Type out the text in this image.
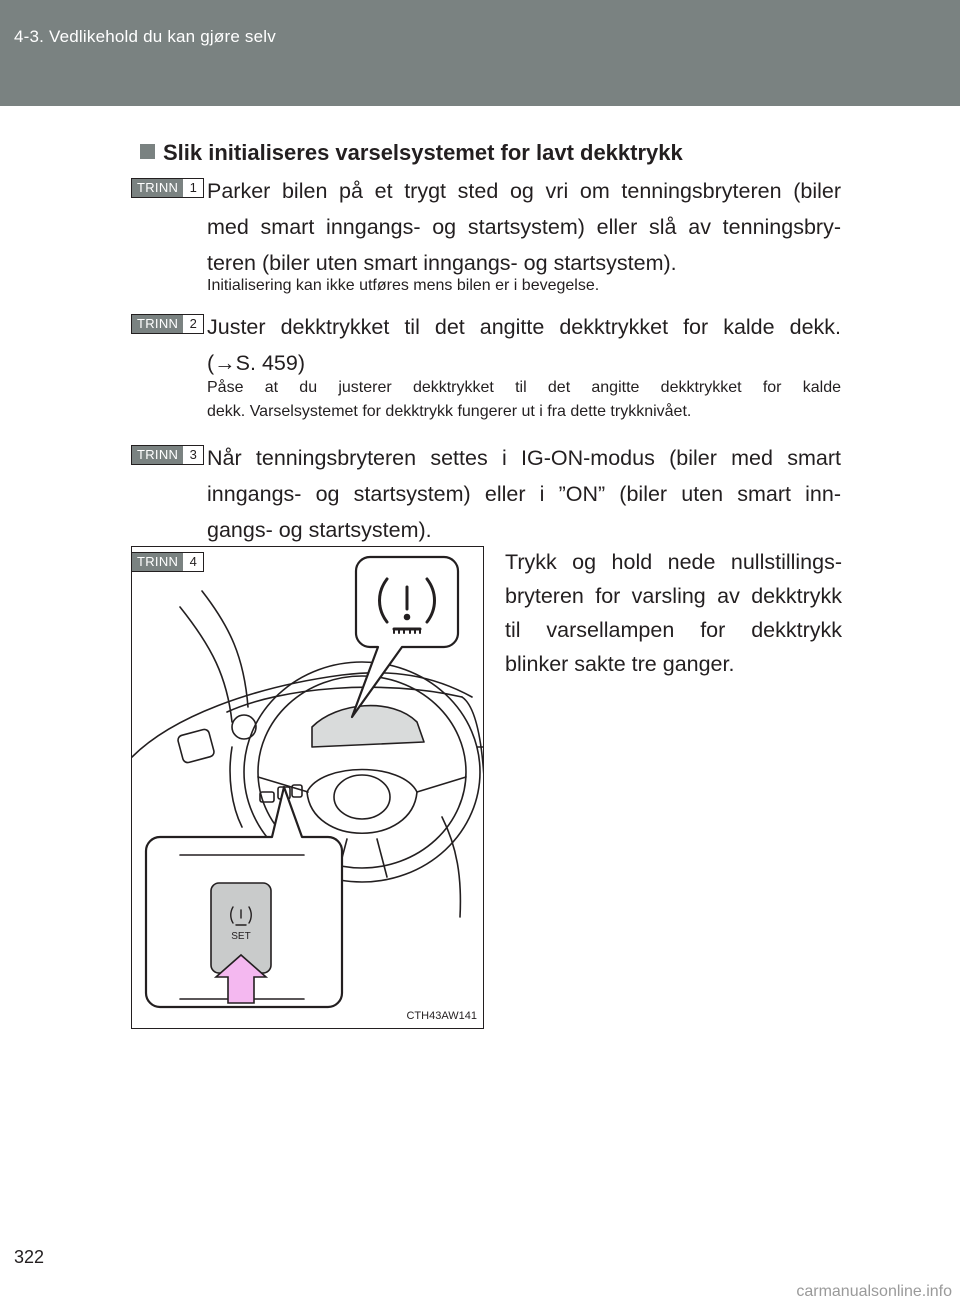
4-3. Vedlikehold du kan gjøre selv
Slik initialiseres varselsystemet for lavt dekktrykk
TRINN 1 Parker bilen på et trygt sted og vri om tenningsbryteren (biler
med smart inngangs- og startsystem) eller slå av tenningsbry-
teren (biler uten smart inngangs- og startsystem).
Initialisering kan ikke utføres mens bilen er i bevegelse.
TRINN 2 Juster dekktrykket til det angitte dekktrykket for kalde dekk.
(→S. 459)
Påse at du justerer dekktrykket til det angitte dekktrykket for kalde
dekk. Varselsystemet for dekktrykk fungerer ut i fra dette trykknivået.
TRINN 3 Når tenningsbryteren settes i IG-ON-modus (biler med smart
inngangs- og startsystem) eller i ”ON” (biler uten smart inn-
gangs- og startsystem).
SET
TRINN 4
CTH43AW141
Trykk og hold nede nullstillings-
bryteren for varsling av dekktrykk
til varsellampen for dekktrykk
blinker sakte tre ganger.
322
carmanualsonline.info
